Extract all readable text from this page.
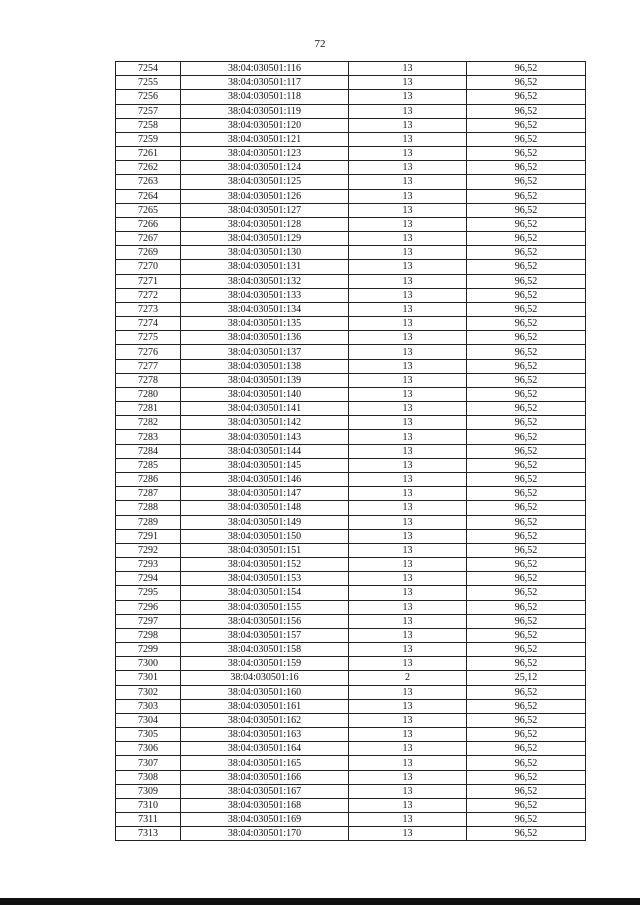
72
7254	38:04:030501:116	13	96,52
7255	38:04:030501:117	13	96,52
7256	38:04:030501:118	13	96,52
7257	38:04:030501:119	13	96,52
7258	38:04:030501:120	13	96,52
7259	38:04:030501:121	13	96,52
7261	38:04:030501:123	13	96,52
7262	38:04:030501:124	13	96,52
7263	38:04:030501:125	13	96,52
7264	38:04:030501:126	13	96,52
7265	38:04:030501:127	13	96,52
7266	38:04:030501:128	13	96,52
7267	38:04:030501:129	13	96,52
7269	38:04:030501:130	13	96,52
7270	38:04:030501:131	13	96,52
7271	38:04:030501:132	13	96,52
7272	38:04:030501:133	13	96,52
7273	38:04:030501:134	13	96,52
7274	38:04:030501:135	13	96,52
7275	38:04:030501:136	13	96,52
7276	38:04:030501:137	13	96,52
7277	38:04:030501:138	13	96,52
7278	38:04:030501:139	13	96,52
7280	38:04:030501:140	13	96,52
7281	38:04:030501:141	13	96,52
7282	38:04:030501:142	13	96,52
7283	38:04:030501:143	13	96,52
7284	38:04:030501:144	13	96,52
7285	38:04:030501:145	13	96,52
7286	38:04:030501:146	13	96,52
7287	38:04:030501:147	13	96,52
7288	38:04:030501:148	13	96,52
7289	38:04:030501:149	13	96,52
7291	38:04:030501:150	13	96,52
7292	38:04:030501:151	13	96,52
7293	38:04:030501:152	13	96,52
7294	38:04:030501:153	13	96,52
7295	38:04:030501:154	13	96,52
7296	38:04:030501:155	13	96,52
7297	38:04:030501:156	13	96,52
7298	38:04:030501:157	13	96,52
7299	38:04:030501:158	13	96,52
7300	38:04:030501:159	13	96,52
7301	38:04:030501:16	2	25,12
7302	38:04:030501:160	13	96,52
7303	38:04:030501:161	13	96,52
7304	38:04:030501:162	13	96,52
7305	38:04:030501:163	13	96,52
7306	38:04:030501:164	13	96,52
7307	38:04:030501:165	13	96,52
7308	38:04:030501:166	13	96,52
7309	38:04:030501:167	13	96,52
7310	38:04:030501:168	13	96,52
7311	38:04:030501:169	13	96,52
7313	38:04:030501:170	13	96,52
